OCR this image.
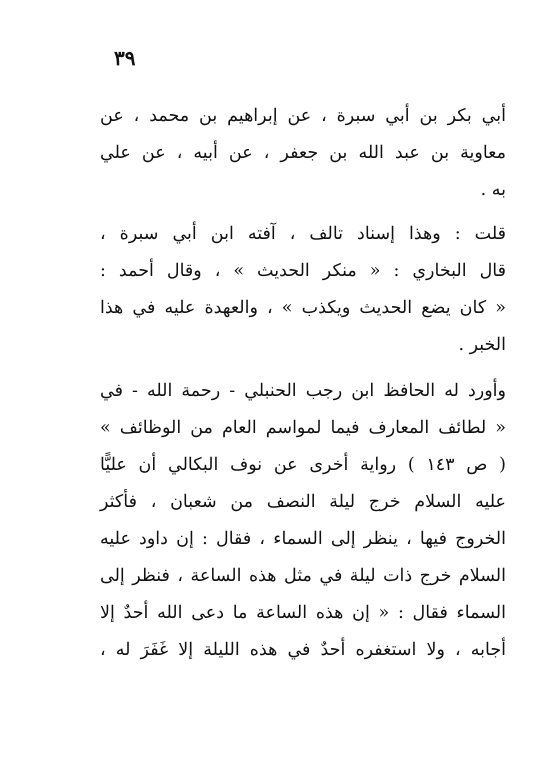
٣٩
أبي بكر بن أبي سبرة ، عن إبراهيم بن محمد ، عن
معاوية بن عبد الله بن جعفر ، عن أبيه ، عن علي
به .
قلت : وهذا إسناد تالف ، آفته ابن أبي سبرة ،
قال البخاري : « منكر الحديث » ، وقال أحمد :
« كان يضع الحديث ويكذب » ، والعهدة عليه في هذا
الخبر .
وأورد له الحافظ ابن رجب الحنبلي - رحمة الله - في
« لطائف المعارف فيما لمواسم العام من الوظائف »
( ص ١٤٣ ) رواية أخرى عن نوف البكالي أن عليًّا
عليه السلام خرج ليلة النصف من شعبان ، فأكثر
الخروج فيها ، ينظر إلى السماء ، فقال : إن داود عليه
السلام خرج ذات ليلة في مثل هذه الساعة ، فنظر إلى
السماء فقال : « إن هذه الساعة ما دعى الله أحدٌ إلا
أجابه ، ولا استغفره أحدٌ في هذه الليلة إلا غَفَرَ له ،
